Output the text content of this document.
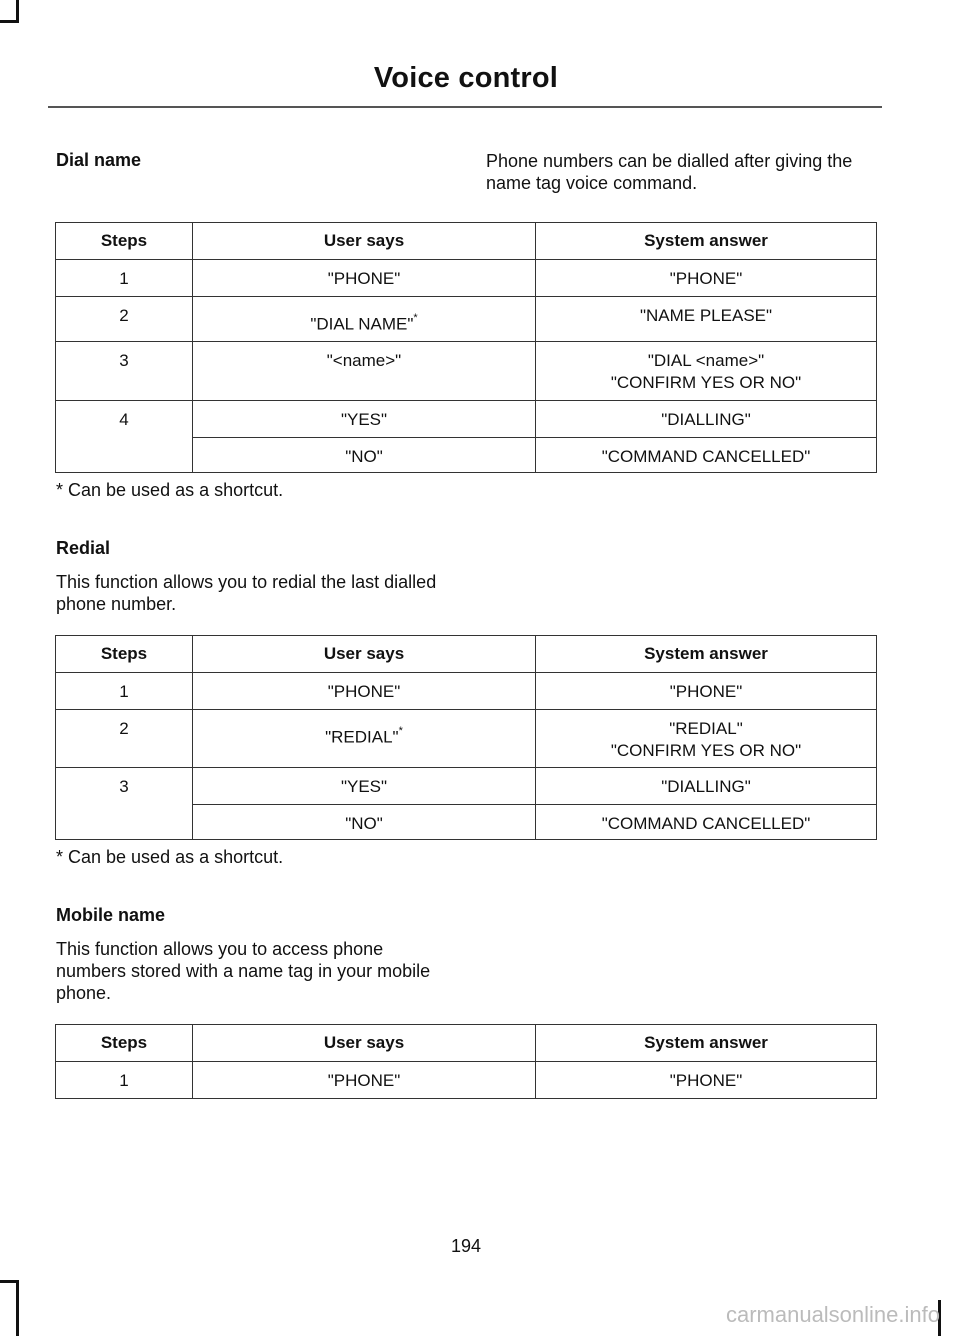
Voice control
Dial name	Phone numbers can be dialled after giving the name tag voice command.
Steps	User says	System answer
1	"PHONE"	"PHONE"
2	"DIAL NAME"*	"NAME PLEASE"
3	"<name>"	"DIAL <name>"
"CONFIRM YES OR NO"

4	"YES"	"DIALLING"
	"NO"	"COMMAND CANCELLED"
* Can be used as a shortcut.
Redial
This function allows you to redial the last dialled phone number.
Steps	User says	System answer
1	"PHONE"	"PHONE"
2	"REDIAL"*	"REDIAL"
"CONFIRM YES OR NO"

3	"YES"	"DIALLING"
	"NO"	"COMMAND CANCELLED"
* Can be used as a shortcut.
Mobile name
This function allows you to access phone numbers stored with a name tag in your mobile phone.
Steps	User says	System answer
1	"PHONE"	"PHONE"
194
carmanualsonline.info
